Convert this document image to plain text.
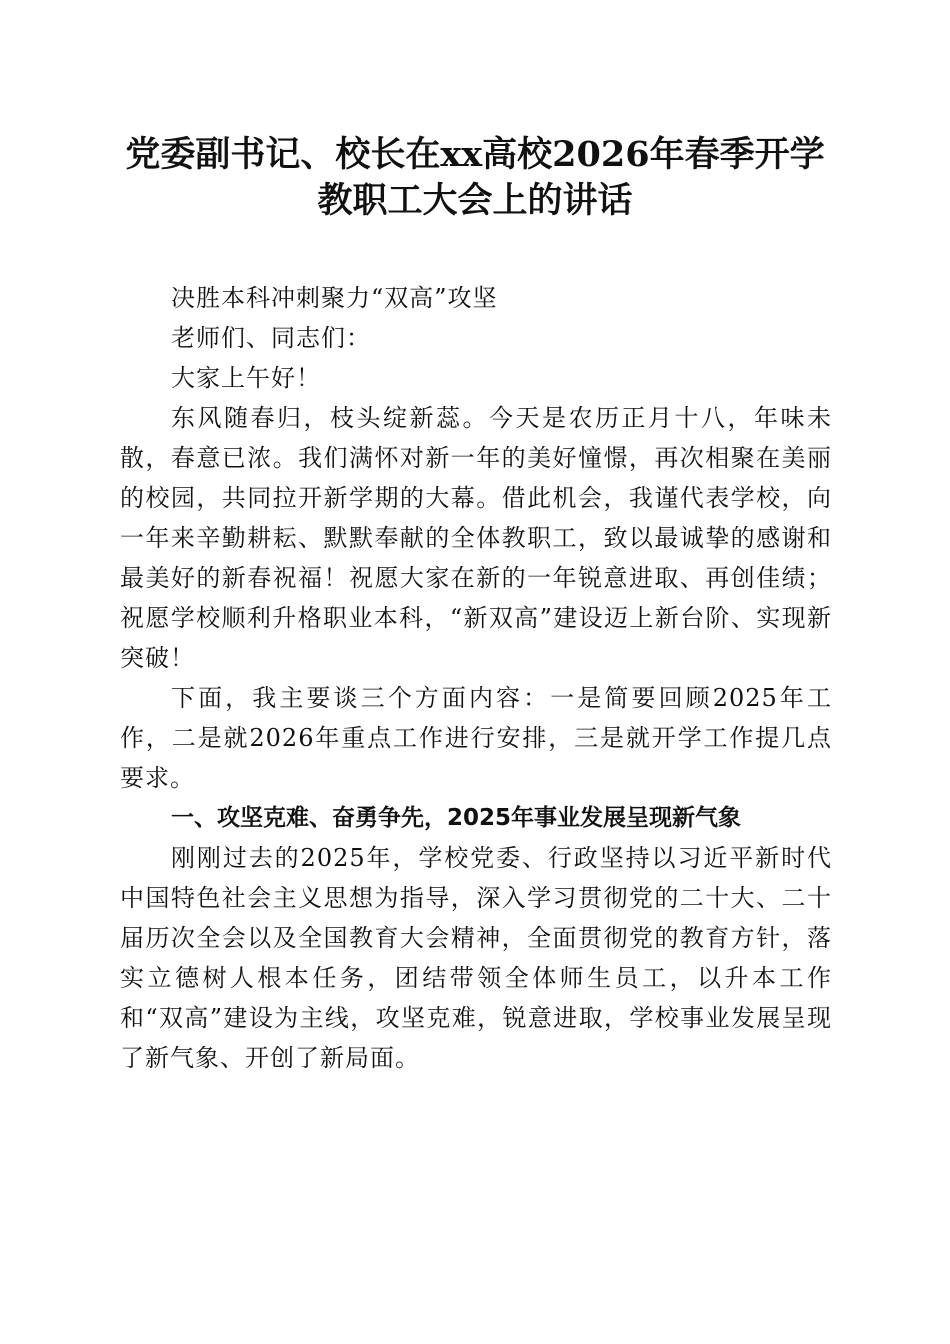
党委副书记、校长在xx高校2026年春季开学
教职工大会上的讲话

决胜本科冲刺聚力“双高”攻坚

老师们、同志们：

大家上午好！

东风随春归，枝头绽新蕊。今天是农历正月十八，年味未散，春意已浓。我们满怀对新一年的美好憧憬，再次相聚在美丽的校园，共同拉开新学期的大幕。借此机会，我谨代表学校，向一年来辛勤耕耘、默默奉献的全体教职工，致以最诚挚的感谢和最美好的新春祝福！祝愿大家在新的一年锐意进取、再创佳绩；祝愿学校顺利升格职业本科，“新双高”建设迈上新台阶、实现新突破！

下面，我主要谈三个方面内容：一是简要回顾2025年工作，二是就2026年重点工作进行安排，三是就开学工作提几点要求。

一、攻坚克难、奋勇争先，2025年事业发展呈现新气象

刚刚过去的2025年，学校党委、行政坚持以习近平新时代中国特色社会主义思想为指导，深入学习贯彻党的二十大、二十届历次全会以及全国教育大会精神，全面贯彻党的教育方针，落实立德树人根本任务，团结带领全体师生员工，以升本工作和“双高”建设为主线，攻坚克难，锐意进取，学校事业发展呈现了新气象、开创了新局面。
